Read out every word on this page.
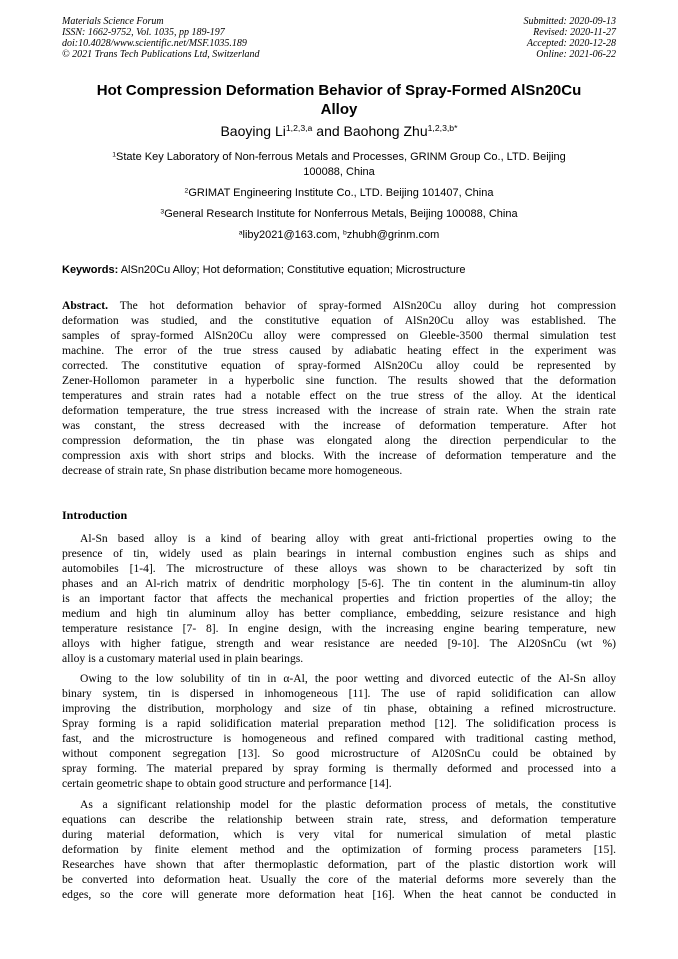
Materials Science Forum
ISSN: 1662-9752, Vol. 1035, pp 189-197
doi:10.4028/www.scientific.net/MSF.1035.189
© 2021 Trans Tech Publications Ltd, Switzerland
Submitted: 2020-09-13
Revised: 2020-11-27
Accepted: 2020-12-28
Online: 2021-06-22
Hot Compression Deformation Behavior of Spray-Formed AlSn20Cu
Alloy
Baoying Li$^{1,2,3,a}$ and Baohong Zhu$^{1,2,3,b*}$
$^1$State Key Laboratory of Non-ferrous Metals and Processes, GRINM Group Co., LTD. Beijing
100088, China
$^2$GRIMAT Engineering Institute Co., LTD. Beijing 101407, China
$^3$General Research Institute for Nonferrous Metals, Beijing 100088, China
$^a$liby2021@163.com, $^b$zhubh@grinm.com
Keywords: AlSn20Cu Alloy; Hot deformation; Constitutive equation; Microstructure
Abstract. The hot deformation behavior of spray-formed AlSn20Cu alloy during hot compression
deformation was studied, and the constitutive equation of AlSn20Cu alloy was established. The
samples of spray-formed AlSn20Cu alloy were compressed on Gleeble-3500 thermal simulation test
machine. The error of the true stress caused by adiabatic heating effect in the experiment was
corrected. The constitutive equation of spray-formed AlSn20Cu alloy could be represented by
Zener-Hollomon parameter in a hyperbolic sine function. The results showed that the deformation
temperatures and strain rates had a notable effect on the true stress of the alloy. At the identical
deformation temperature, the true stress increased with the increase of strain rate. When the strain rate
was constant, the stress decreased with the increase of deformation temperature. After hot
compression deformation, the tin phase was elongated along the direction perpendicular to the
compression axis with short strips and blocks. With the increase of deformation temperature and the
decrease of strain rate, Sn phase distribution became more homogeneous.
Introduction
Al-Sn based alloy is a kind of bearing alloy with great anti-frictional properties owing to the
presence of tin, widely used as plain bearings in internal combustion engines such as ships and
automobiles [1-4]. The microstructure of these alloys was shown to be characterized by soft tin
phases and an Al-rich matrix of dendritic morphology [5-6]. The tin content in the aluminum-tin alloy
is an important factor that affects the mechanical properties and friction properties of the alloy; the
medium and high tin aluminum alloy has better compliance, embedding, seizure resistance and high
temperature resistance [7- 8]. In engine design, with the increasing engine bearing temperature, new
alloys with higher fatigue, strength and wear resistance are needed [9-10]. The Al20SnCu (wt %)
alloy is a customary material used in plain bearings.
Owing to the low solubility of tin in α-Al, the poor wetting and divorced eutectic of the Al-Sn alloy
binary system, tin is dispersed in inhomogeneous [11]. The use of rapid solidification can allow
improving the distribution, morphology and size of tin phase, obtaining a refined microstructure.
Spray forming is a rapid solidification material preparation method [12]. The solidification process is
fast, and the microstructure is homogeneous and refined compared with traditional casting method,
without component segregation [13]. So good microstructure of Al20SnCu could be obtained by
spray forming. The material prepared by spray forming is thermally deformed and processed into a
certain geometric shape to obtain good structure and performance [14].
As a significant relationship model for the plastic deformation process of metals, the constitutive
equations can describe the relationship between strain rate, stress, and deformation temperature
during material deformation, which is very vital for numerical simulation of metal plastic
deformation by finite element method and the optimization of forming process parameters [15].
Researches have shown that after thermoplastic deformation, part of the plastic distortion work will
be converted into deformation heat. Usually the core of the material deforms more severely than the
edges, so the core will generate more deformation heat [16]. When the heat cannot be conducted in
